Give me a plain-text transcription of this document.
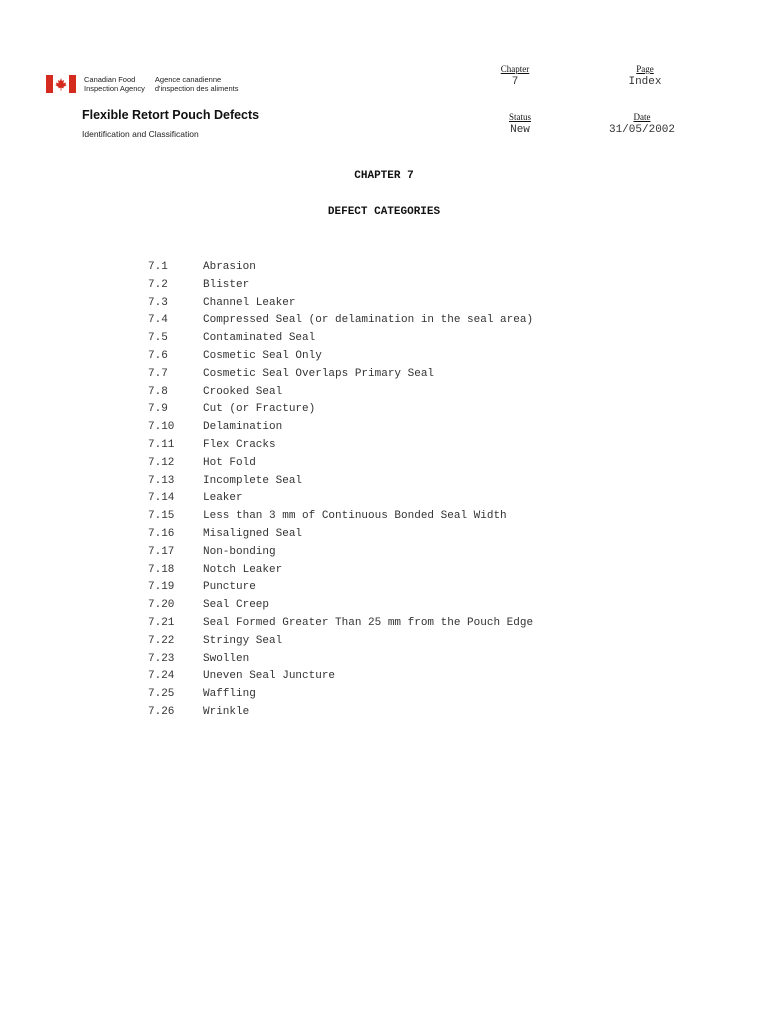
Canadian Food
Inspection Agency
Agence canadienne
d'inspection des aliments
Flexible Retort Pouch Defects
Identification and Classification
Chapter
7
Page
Index
Status
New
Date
31/05/2002
CHAPTER 7
DEFECT CATEGORIES
7.1	Abrasion
7.2	Blister
7.3	Channel Leaker
7.4	Compressed Seal (or delamination in the seal area)
7.5	Contaminated Seal
7.6	Cosmetic Seal Only
7.7	Cosmetic Seal Overlaps Primary Seal
7.8	Crooked Seal
7.9	Cut (or Fracture)
7.10	Delamination
7.11	Flex Cracks
7.12	Hot Fold
7.13	Incomplete Seal
7.14	Leaker
7.15	Less than 3 mm of Continuous Bonded Seal Width
7.16	Misaligned Seal
7.17	Non-bonding
7.18	Notch Leaker
7.19	Puncture
7.20	Seal Creep
7.21	Seal Formed Greater Than 25 mm from the Pouch Edge
7.22	Stringy Seal
7.23	Swollen
7.24	Uneven Seal Juncture
7.25	Waffling
7.26	Wrinkle
